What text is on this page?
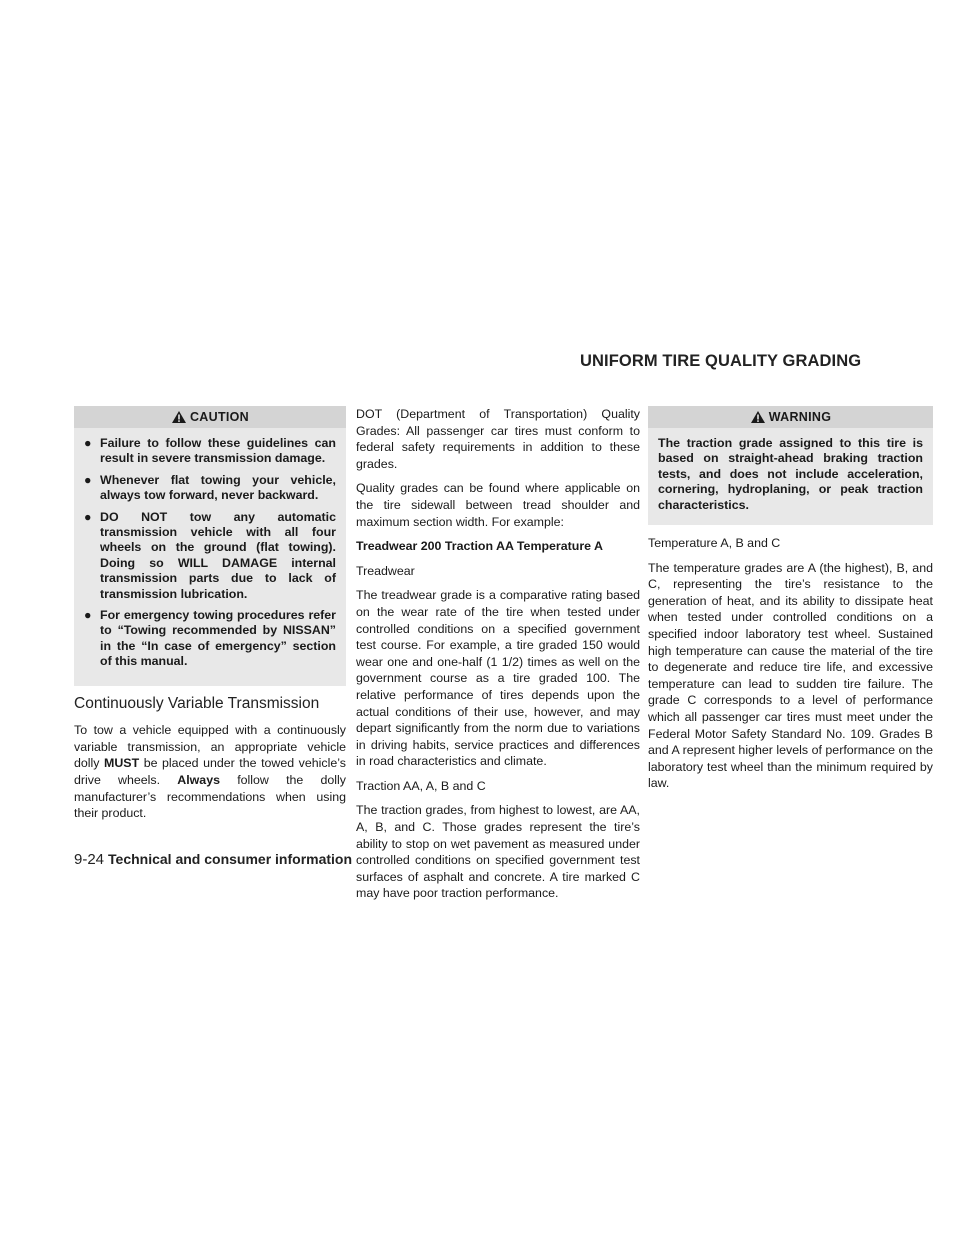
UNIFORM TIRE QUALITY GRADING
CAUTION
● Failure to follow these guidelines can result in severe transmission damage.
● Whenever flat towing your vehicle, always tow forward, never backward.
● DO NOT tow any automatic transmission vehicle with all four wheels on the ground (flat towing). Doing so WILL DAMAGE internal transmission parts due to lack of transmission lubrication.
● For emergency towing procedures refer to “Towing recommended by NISSAN” in the “In case of emergency” section of this manual.
Continuously Variable Transmission

To tow a vehicle equipped with a continuously variable transmission, an appropriate vehicle dolly MUST be placed under the towed vehicle’s drive wheels. Always follow the dolly manufacturer’s recommendations when using their product.

DOT (Department of Transportation) Quality Grades: All passenger car tires must conform to federal safety requirements in addition to these grades.

Quality grades can be found where applicable on the tire sidewall between tread shoulder and maximum section width. For example:

Treadwear 200 Traction AA Temperature A

Treadwear

The treadwear grade is a comparative rating based on the wear rate of the tire when tested under controlled conditions on a specified government test course. For example, a tire graded 150 would wear one and one-half (1 1/2) times as well on the government course as a tire graded 100. The relative performance of tires depends upon the actual conditions of their use, however, and may depart significantly from the norm due to variations in driving habits, service practices and differences in road characteristics and climate.

Traction AA, A, B and C

The traction grades, from highest to lowest, are AA, A, B, and C. Those grades represent the tire’s ability to stop on wet pavement as measured under controlled conditions on specified government test surfaces of asphalt and concrete. A tire marked C may have poor traction performance.

WARNING
The traction grade assigned to this tire is based on straight-ahead braking traction tests, and does not include acceleration, cornering, hydroplaning, or peak traction characteristics.

Temperature A, B and C

The temperature grades are A (the highest), B, and C, representing the tire’s resistance to the generation of heat, and its ability to dissipate heat when tested under controlled conditions on a specified indoor laboratory test wheel. Sustained high temperature can cause the material of the tire to degenerate and reduce tire life, and excessive temperature can lead to sudden tire failure. The grade C corresponds to a level of performance which all passenger car tires must meet under the Federal Motor Safety Standard No. 109. Grades B and A represent higher levels of performance on the laboratory test wheel than the minimum required by law.

9-24 Technical and consumer information
